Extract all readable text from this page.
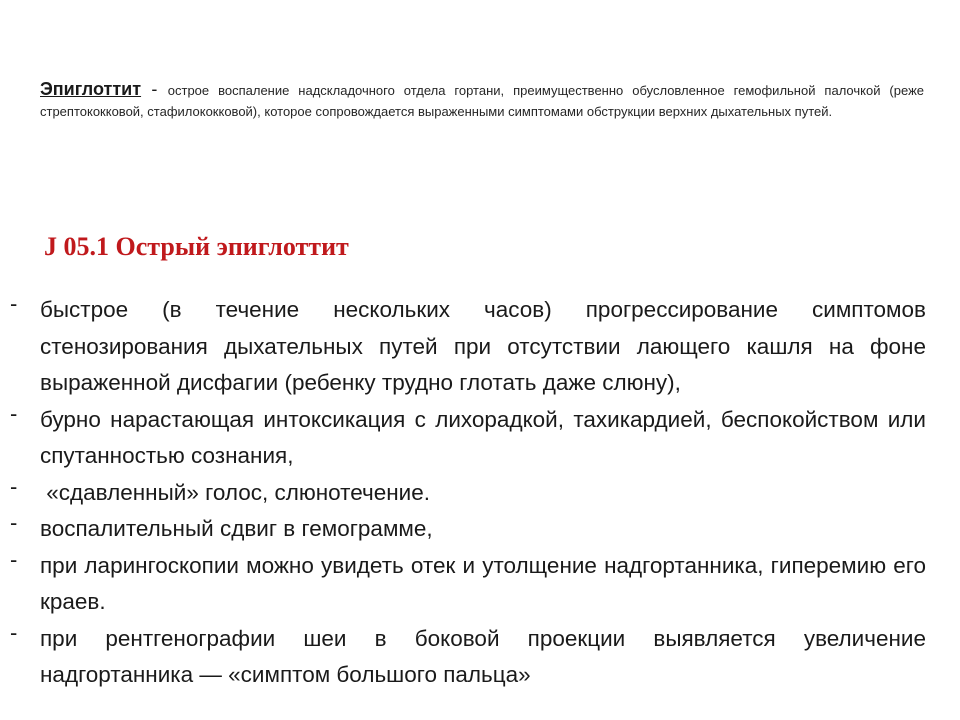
Эпиглоттит - острое воспаление надскладочного отдела гортани, преимущественно обусловленное гемофильной палочкой (реже стрептококковой, стафилококковой), которое сопровождается выраженными симптомами обструкции верхних дыхательных путей.

J 05.1 Острый эпиглоттит
- быстрое (в течение нескольких часов) прогрессирование симптомов стенозирования дыхательных путей при отсутствии лающего кашля на фоне выраженной дисфагии (ребенку трудно глотать даже слюну),
- бурно нарастающая интоксикация с лихорадкой, тахикардией, беспокойством или спутанностью сознания,
- «сдавленный» голос, слюнотечение.
- воспалительный сдвиг в гемограмме,
- при ларингоскопии можно увидеть отек и утолщение надгортанника, гиперемию его краев.
- при рентгенографии шеи в боковой проекции выявляется увеличение надгортанника — «симптом большого пальца»
